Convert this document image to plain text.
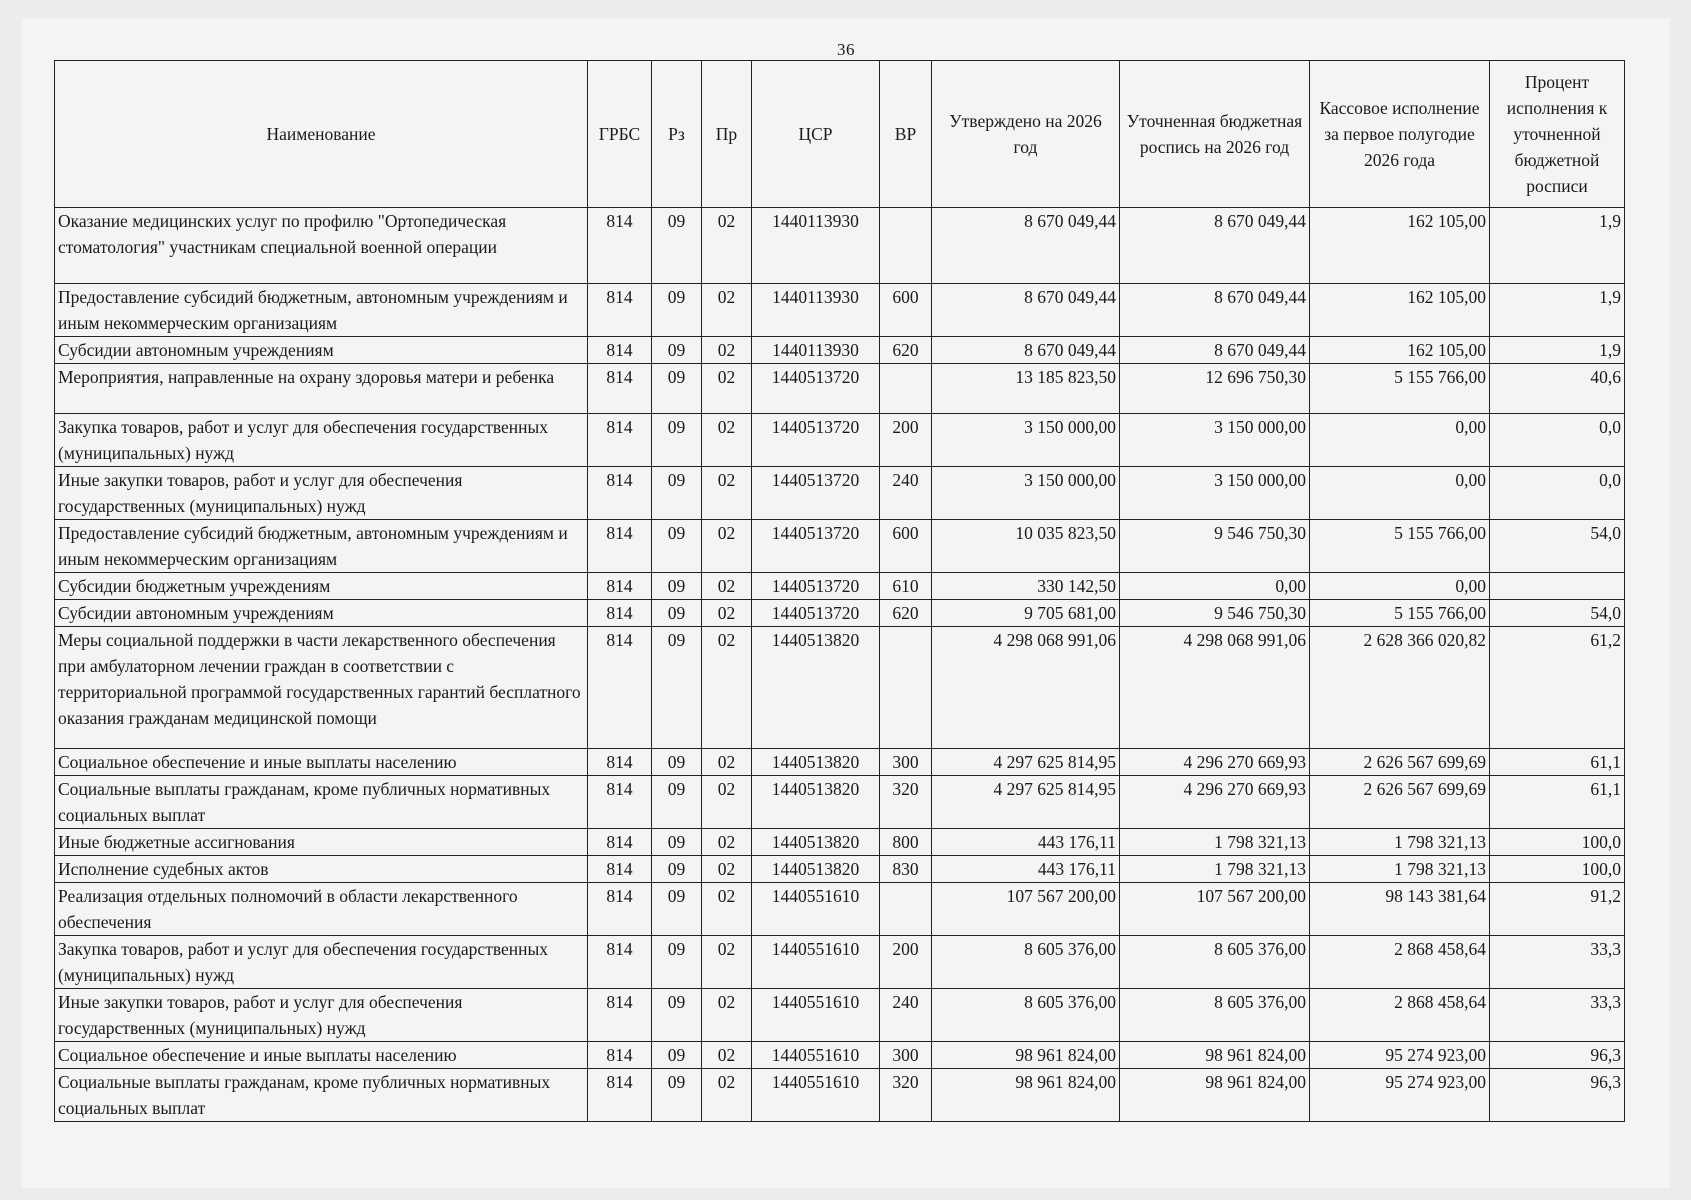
36
Наименование	ГРБС	Рз	Пр	ЦСР	ВР	Утверждено на 2026 год	Уточненная бюджетная роспись на 2026 год	Кассовое исполнение за первое полугодие 2026 года	Процент исполнения к уточненной бюджетной росписи
Оказание медицинских услуг по профилю "Ортопедическая стоматология" участникам специальной военной операции	814	09	02	1440113930		8 670 049,44	8 670 049,44	162 105,00	1,9
Предоставление субсидий бюджетным, автономным учреждениям и иным некоммерческим организациям	814	09	02	1440113930	600	8 670 049,44	8 670 049,44	162 105,00	1,9
Субсидии автономным учреждениям	814	09	02	1440113930	620	8 670 049,44	8 670 049,44	162 105,00	1,9
Мероприятия, направленные на охрану здоровья матери и ребенка	814	09	02	1440513720		13 185 823,50	12 696 750,30	5 155 766,00	40,6
Закупка товаров, работ и услуг для обеспечения государственных (муниципальных) нужд	814	09	02	1440513720	200	3 150 000,00	3 150 000,00	0,00	0,0
Иные закупки товаров, работ и услуг для обеспечения государственных (муниципальных) нужд	814	09	02	1440513720	240	3 150 000,00	3 150 000,00	0,00	0,0
Предоставление субсидий бюджетным, автономным учреждениям и иным некоммерческим организациям	814	09	02	1440513720	600	10 035 823,50	9 546 750,30	5 155 766,00	54,0
Субсидии бюджетным учреждениям	814	09	02	1440513720	610	330 142,50	0,00	0,00	
Субсидии автономным учреждениям	814	09	02	1440513720	620	9 705 681,00	9 546 750,30	5 155 766,00	54,0
Меры социальной поддержки в части лекарственного обеспечения при амбулаторном лечении граждан в соответствии с территориальной программой государственных гарантий бесплатного оказания гражданам медицинской помощи	814	09	02	1440513820		4 298 068 991,06	4 298 068 991,06	2 628 366 020,82	61,2
Социальное обеспечение и иные выплаты населению	814	09	02	1440513820	300	4 297 625 814,95	4 296 270 669,93	2 626 567 699,69	61,1
Социальные выплаты гражданам, кроме публичных нормативных социальных выплат	814	09	02	1440513820	320	4 297 625 814,95	4 296 270 669,93	2 626 567 699,69	61,1
Иные бюджетные ассигнования	814	09	02	1440513820	800	443 176,11	1 798 321,13	1 798 321,13	100,0
Исполнение судебных актов	814	09	02	1440513820	830	443 176,11	1 798 321,13	1 798 321,13	100,0
Реализация отдельных полномочий в области лекарственного обеспечения	814	09	02	1440551610		107 567 200,00	107 567 200,00	98 143 381,64	91,2
Закупка товаров, работ и услуг для обеспечения государственных (муниципальных) нужд	814	09	02	1440551610	200	8 605 376,00	8 605 376,00	2 868 458,64	33,3
Иные закупки товаров, работ и услуг для обеспечения государственных (муниципальных) нужд	814	09	02	1440551610	240	8 605 376,00	8 605 376,00	2 868 458,64	33,3
Социальное обеспечение и иные выплаты населению	814	09	02	1440551610	300	98 961 824,00	98 961 824,00	95 274 923,00	96,3
Социальные выплаты гражданам, кроме публичных нормативных социальных выплат	814	09	02	1440551610	320	98 961 824,00	98 961 824,00	95 274 923,00	96,3
